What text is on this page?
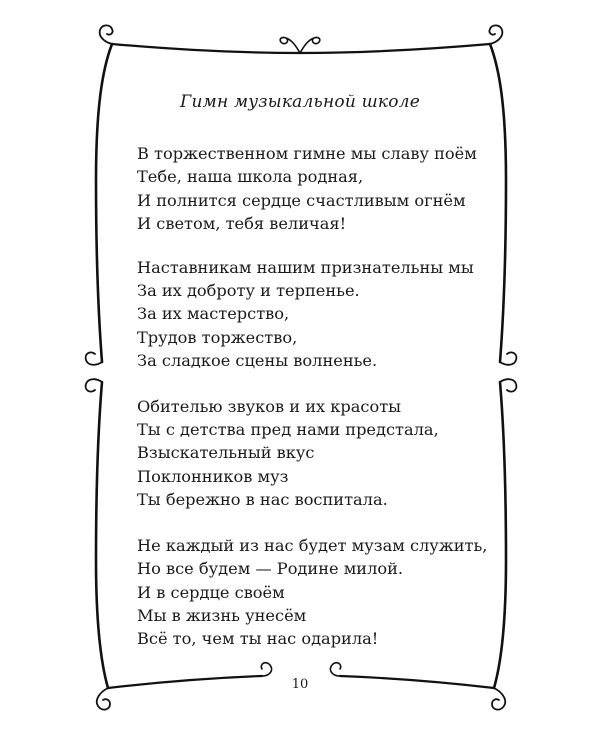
Гимн музыкальной школе
В торжественном гимне мы славу поём
Тебе, наша школа родная,
И полнится сердце счастливым огнём
И светом, тебя величая!
Наставникам нашим признательны мы
За их доброту и терпенье.
За их мастерство,
Трудов торжество,
За сладкое сцены волненье.
Обителью звуков и их красоты
Ты с детства пред нами предстала,
Взыскательный вкус
Поклонников муз
Ты бережно в нас воспитала.
Не каждый из нас будет музам служить,
Но все будем — Родине милой.
И в сердце своём
Мы в жизнь унесём
Всё то, чем ты нас одарила!
10
